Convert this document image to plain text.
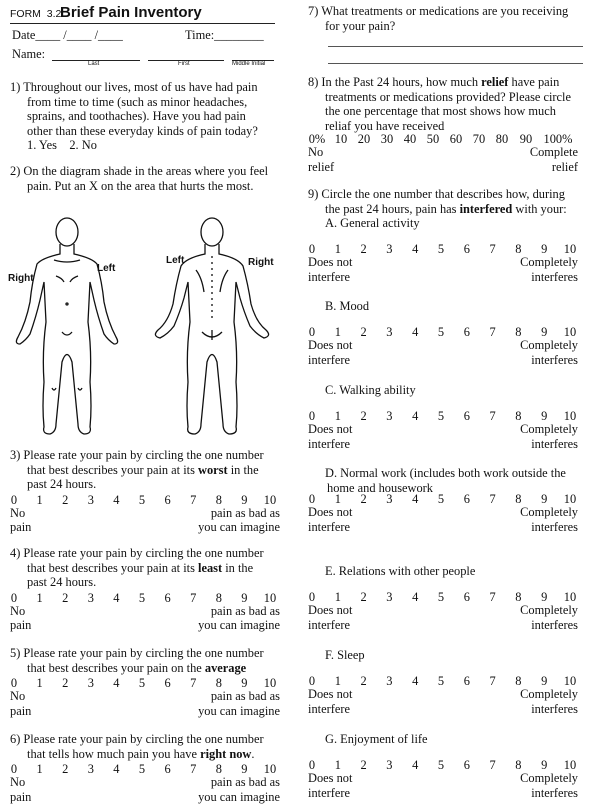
FORM 3.2
Brief Pain Inventory
Date____ /____ /____	Time:________
Name:
Last	First	Middle Initial
1) Throughout our lives, most of us have had pain
from time to time (such as minor headaches,
sprains, and toothaches). Have you had pain
other than these everyday kinds of pain today?
1. Yes 2. No
2) On the diagram shade in the areas where you feel
pain. Put an X on the area that hurts the most.
Right
Left
Left	Right
3) Please rate your pain by circling the one number
that best describes your pain at its worst in the
past 24 hours.
0	1	2	3	4	5	6	7	8	9	10
No
pain
pain as bad as
you can imagine
4) Please rate your pain by circling the one number
that best describes your pain at its least in the
past 24 hours.
0	1	2	3	4	5	6	7	8	9	10
No
pain
pain as bad as
you can imagine
5) Please rate your pain by circling the one number
that best describes your pain on the average
0	1	2	3	4	5	6	7	8	9	10
No
pain
pain as bad as
you can imagine
6) Please rate your pain by circling the one number
that tells how much pain you have right now.
0	1	2	3	4	5	6	7	8	9	10
No
pain
pain as bad as
you can imagine
7) What treatments or medications are you receiving
for your pain?
8) In the Past 24 hours, how much relief have pain
treatments or medications provided? Please circle
the one percentage that most shows how much
reliaf you have received
0% 10 20 30 40 50 60 70 80 90 100%
No
relief
Complete
relief
9) Circle the one number that describes how, during
the past 24 hours, pain has interfered with your:
A. General activity
0	1	2	3	4	5	6	7	8	9	10
Does not
interfere
Completely
interferes
B. Mood
0	1	2	3	4	5	6	7	8	9	10
Does not
interfere
Completely
interferes
C. Walking ability
0	1	2	3	4	5	6	7	8	9	10
Does not
interfere
Completely
interferes
D. Normal work (includes both work outside the
home and housework
0	1	2	3	4	5	6	7	8	9	10
Does not
interfere
Completely
interferes
E. Relations with other people
0	1	2	3	4	5	6	7	8	9	10
Does not
interfere
Completely
interferes
F. Sleep
0	1	2	3	4	5	6	7	8	9	10
Does not
interfere
Completely
interferes
G. Enjoyment of life
0	1	2	3	4	5	6	7	8	9	10
Does not
interfere
Completely
interferes
